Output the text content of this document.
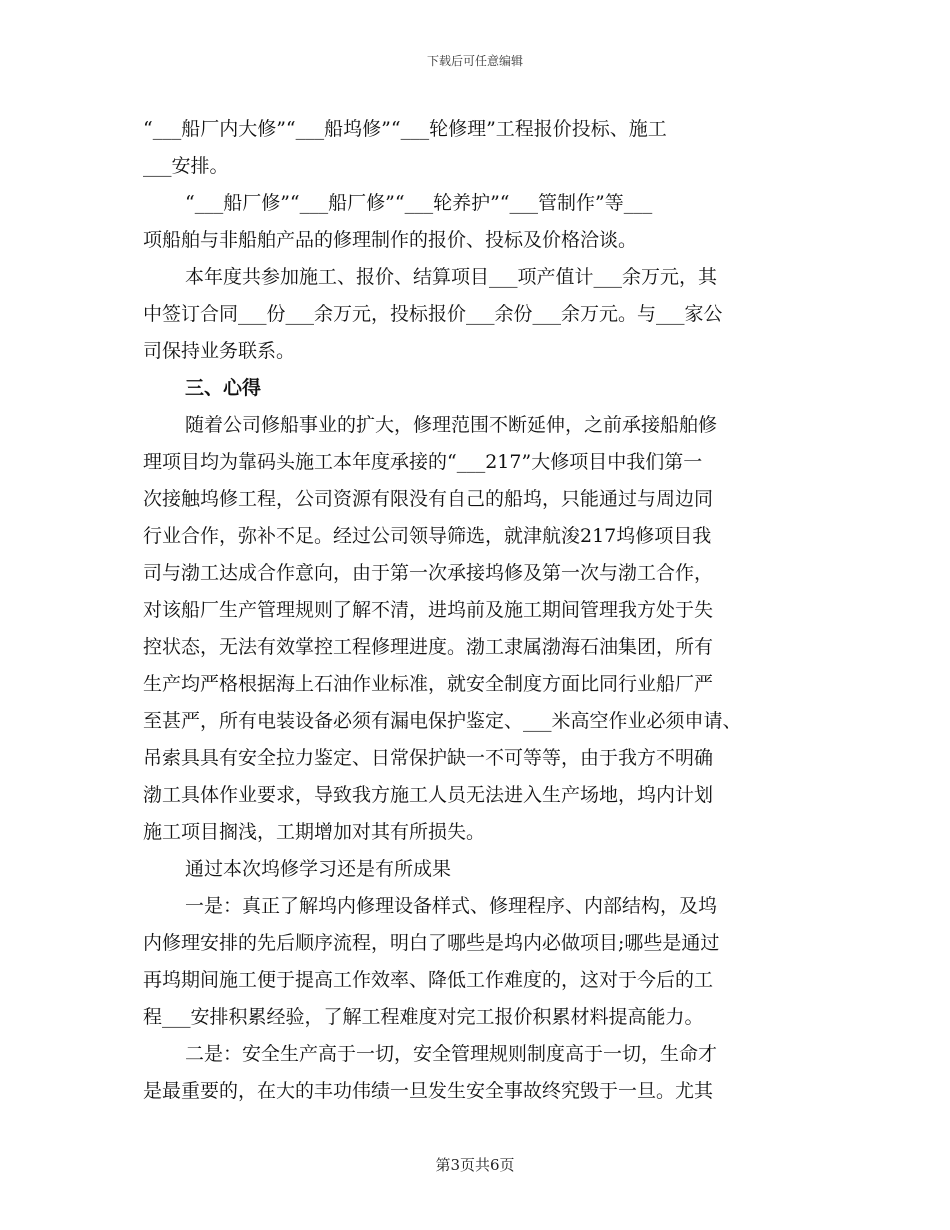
下载后可任意编辑
“___船厂内大修”“___船坞修”“___轮修理”工程报价投标、施工
___安排。
“___船厂修”“___船厂修”“___轮养护”“___管制作”等___
项船舶与非船舶产品的修理制作的报价、投标及价格洽谈。
本年度共参加施工、报价、结算项目___项产值计___余万元，其
中签订合同___份___余万元，投标报价___余份___余万元。与___家公
司保持业务联系。
三、心得
随着公司修船事业的扩大，修理范围不断延伸，之前承接船舶修
理项目均为靠码头施工本年度承接的“___217”大修项目中我们第一
次接触坞修工程，公司资源有限没有自己的船坞，只能通过与周边同
行业合作，弥补不足。经过公司领导筛选，就津航浚217坞修项目我
司与渤工达成合作意向，由于第一次承接坞修及第一次与渤工合作，
对该船厂生产管理规则了解不清，进坞前及施工期间管理我方处于失
控状态，无法有效掌控工程修理进度。渤工隶属渤海石油集团，所有
生产均严格根据海上石油作业标准，就安全制度方面比同行业船厂严
至甚严，所有电装设备必须有漏电保护鉴定、___米高空作业必须申请、
吊索具具有安全拉力鉴定、日常保护缺一不可等等，由于我方不明确
渤工具体作业要求，导致我方施工人员无法进入生产场地，坞内计划
施工项目搁浅，工期增加对其有所损失。
通过本次坞修学习还是有所成果
一是：真正了解坞内修理设备样式、修理程序、内部结构，及坞
内修理安排的先后顺序流程，明白了哪些是坞内必做项目;哪些是通过
再坞期间施工便于提高工作效率、降低工作难度的，这对于今后的工
程___安排积累经验，了解工程难度对完工报价积累材料提高能力。
二是：安全生产高于一切，安全管理规则制度高于一切，生命才
是最重要的，在大的丰功伟绩一旦发生安全事故终究毁于一旦。尤其
第3页共6页
